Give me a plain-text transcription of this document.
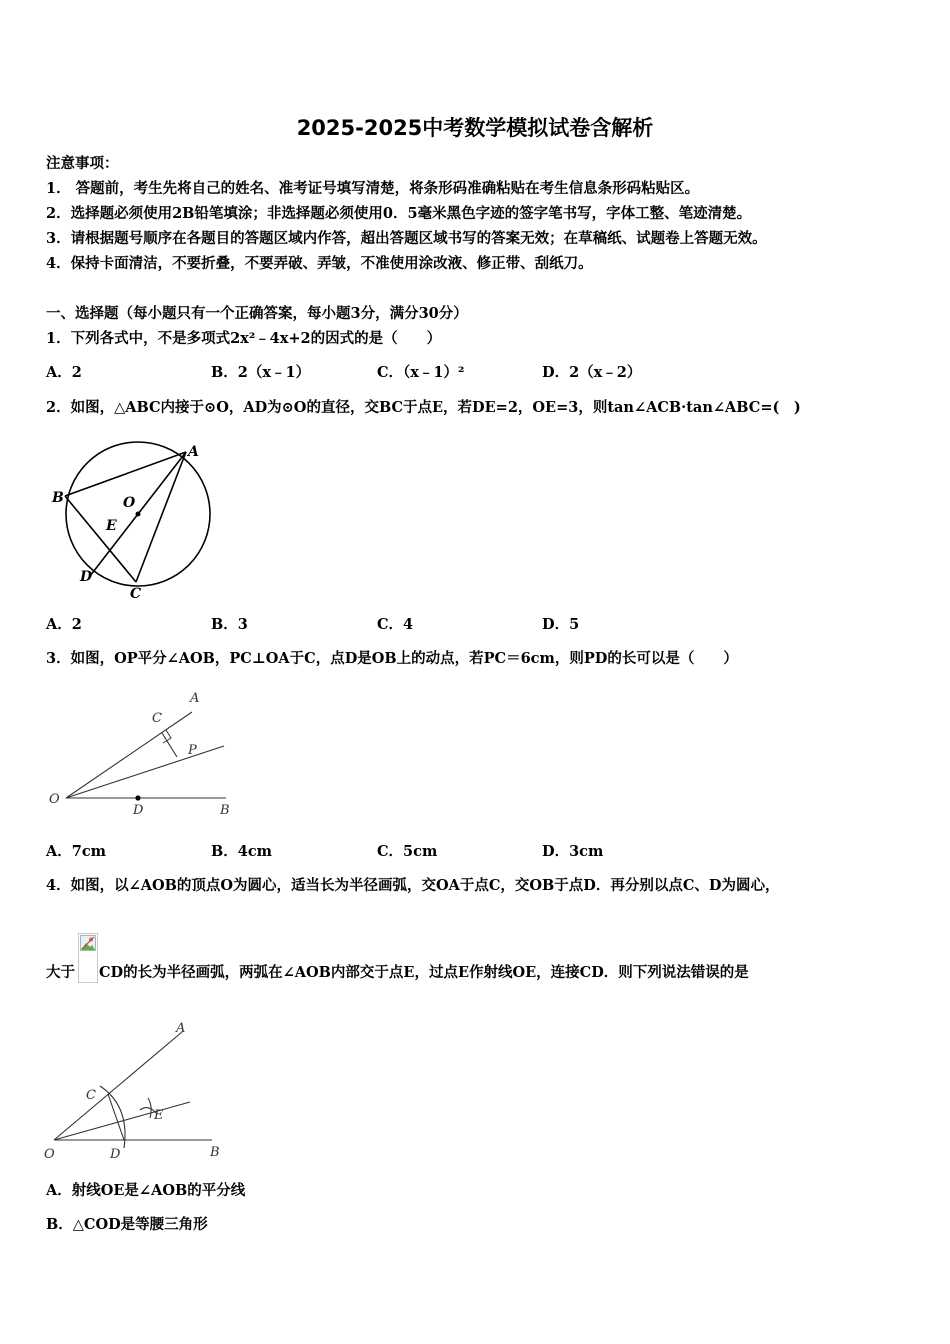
2025-2025中考数学模拟试卷含解析
注意事项：
1． 答题前，考生先将自己的姓名、准考证号填写清楚，将条形码准确粘贴在考生信息条形码粘贴区。
2．选择题必须使用2B铅笔填涂；非选择题必须使用0．5毫米黑色字迹的签字笔书写，字体工整、笔迹清楚。
3．请根据题号顺序在各题目的答题区域内作答，超出答题区域书写的答案无效；在草稿纸、试题卷上答题无效。
4．保持卡面清洁，不要折叠，不要弄破、弄皱，不准使用涂改液、修正带、刮纸刀。
一、选择题（每小题只有一个正确答案，每小题3分，满分30分）
1．下列各式中，不是多项式2x²﹣4x+2的因式的是（　　）
A．2	B．2（x﹣1）	C．（x﹣1）²	D．2（x﹣2）
2．如图，△ABC内接于⊙O，AD为⊙O的直径，交BC于点E，若DE=2，OE=3，则tan∠ACB·tan∠ABC=(　)
A
B	O
E
D
C
A．2	B．3	C．4	D．5
3．如图，OP平分∠AOB，PC⊥OA于C，点D是OB上的动点，若PC＝6cm，则PD的长可以是（　　）
A
C
P
O
D	B
A．7cm	B．4cm	C．5cm	D．3cm
4．如图，以∠AOB的顶点O为圆心，适当长为半径画弧，交OA于点C，交OB于点D．再分别以点C、D为圆心，
大于 CD的长为半径画弧，两弧在∠AOB内部交于点E，过点E作射线OE，连接CD．则下列说法错误的是
A
C
E
O	D	B
A．射线OE是∠AOB的平分线
B．△COD是等腰三角形
